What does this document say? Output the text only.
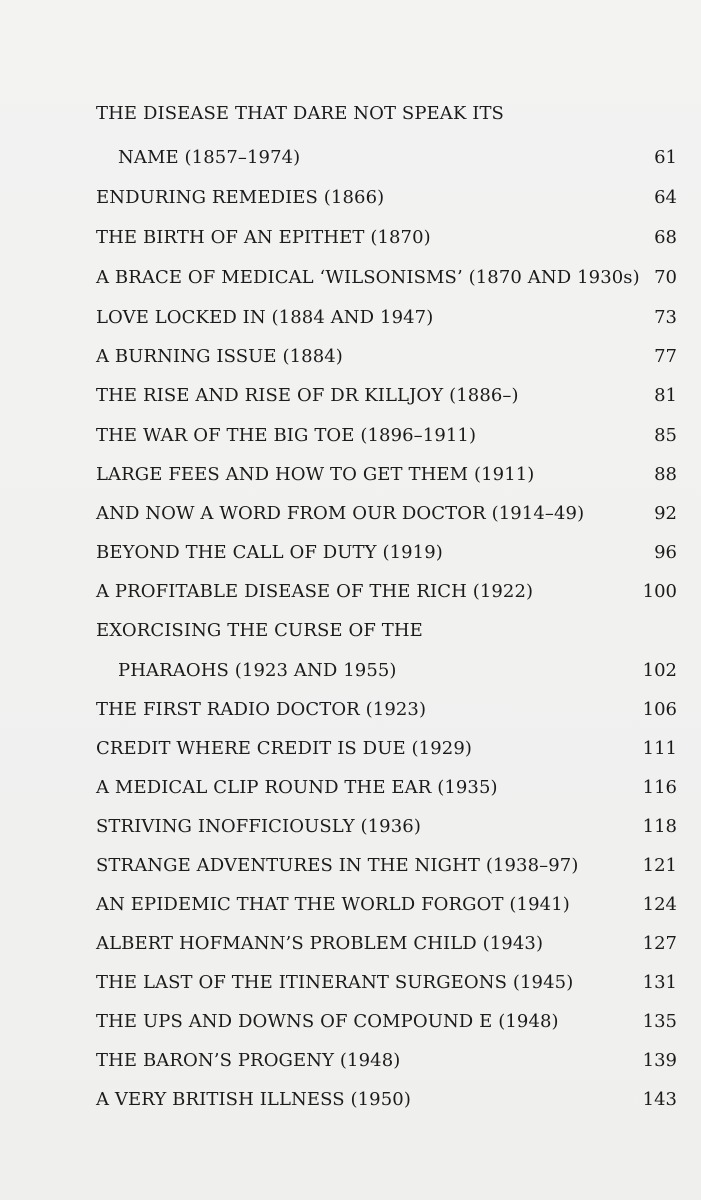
THE DISEASE THAT DARE NOT SPEAK ITS
NAME (1857–1974)	61
ENDURING REMEDIES (1866)	64
THE BIRTH OF AN EPITHET (1870)	68
A BRACE OF MEDICAL ‘WILSONISMS’ (1870 AND 1930s) 70
LOVE LOCKED IN (1884 AND 1947)	73
A BURNING ISSUE (1884)	77
THE RISE AND RISE OF DR KILLJOY (1886–)	81
THE WAR OF THE BIG TOE (1896–1911)	85
LARGE FEES AND HOW TO GET THEM (1911)	88
AND NOW A WORD FROM OUR DOCTOR (1914–49)	92
BEYOND THE CALL OF DUTY (1919)	96
A PROFITABLE DISEASE OF THE RICH (1922)	100
EXORCISING THE CURSE OF THE
PHARAOHS (1923 AND 1955)	102
THE FIRST RADIO DOCTOR (1923)	106
CREDIT WHERE CREDIT IS DUE (1929)	111
A MEDICAL CLIP ROUND THE EAR (1935)	116
STRIVING INOFFICIOUSLY (1936)	118
STRANGE ADVENTURES IN THE NIGHT (1938–97)	121
AN EPIDEMIC THAT THE WORLD FORGOT (1941)	124
ALBERT HOFMANN’S PROBLEM CHILD (1943)	127
THE LAST OF THE ITINERANT SURGEONS (1945)	131
THE UPS AND DOWNS OF COMPOUND E (1948)	135
THE BARON’S PROGENY (1948)	139
A VERY BRITISH ILLNESS (1950)	143
